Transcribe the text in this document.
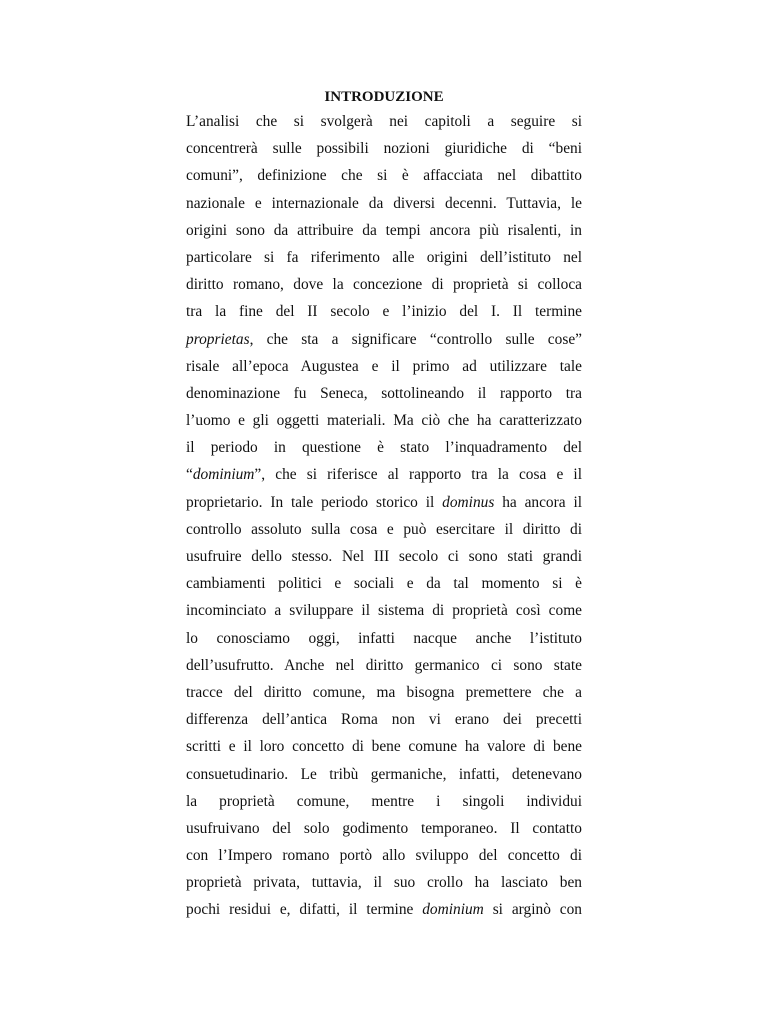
INTRODUZIONE
L’analisi che si svolgerà nei capitoli a seguire si
concentrerà sulle possibili nozioni giuridiche di “beni
comuni”, definizione che si è affacciata nel dibattito
nazionale e internazionale da diversi decenni. Tuttavia, le
origini sono da attribuire da tempi ancora più risalenti, in
particolare si fa riferimento alle origini dell’istituto nel
diritto romano, dove la concezione di proprietà si colloca
tra la fine del II secolo e l’inizio del I. Il termine
proprietas, che sta a significare “controllo sulle cose”
risale all’epoca Augustea e il primo ad utilizzare tale
denominazione fu Seneca, sottolineando il rapporto tra
l’uomo e gli oggetti materiali. Ma ciò che ha caratterizzato
il periodo in questione è stato l’inquadramento del
“dominium”, che si riferisce al rapporto tra la cosa e il
proprietario. In tale periodo storico il dominus ha ancora il
controllo assoluto sulla cosa e può esercitare il diritto di
usufruire dello stesso. Nel III secolo ci sono stati grandi
cambiamenti politici e sociali e da tal momento si è
incominciato a sviluppare il sistema di proprietà così come
lo conosciamo oggi, infatti nacque anche l’istituto
dell’usufrutto. Anche nel diritto germanico ci sono state
tracce del diritto comune, ma bisogna premettere che a
differenza dell’antica Roma non vi erano dei precetti
scritti e il loro concetto di bene comune ha valore di bene
consuetudinario. Le tribù germaniche, infatti, detenevano
la proprietà comune, mentre i singoli individui
usufruivano del solo godimento temporaneo. Il contatto
con l’Impero romano portò allo sviluppo del concetto di
proprietà privata, tuttavia, il suo crollo ha lasciato ben
pochi residui e, difatti, il termine dominium si arginò con
